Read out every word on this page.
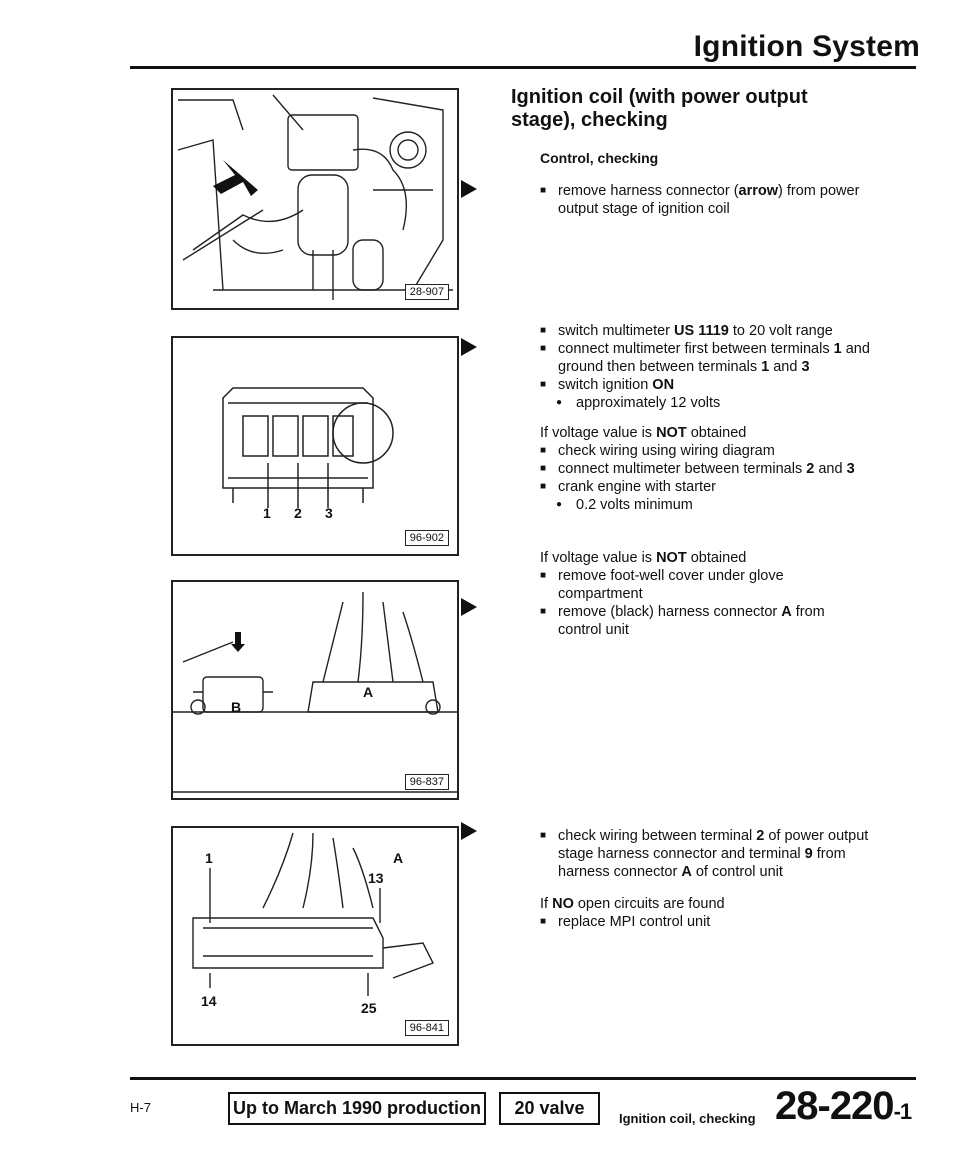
Ignition System
28-907
1 2 3
96-902
A
B
96-837
1
13
14	25
A
96-841
Ignition coil (with power output stage), checking
Control, checking
■ remove harness connector (arrow) from power output stage of ignition coil
■ switch multimeter US 1119 to 20 volt range
■ connect multimeter first between terminals 1 and ground then between terminals 1 and 3
■ switch ignition ON
● approximately 12 volts
If voltage value is NOT obtained
■ check wiring using wiring diagram
■ connect multimeter between terminals 2 and 3
■ crank engine with starter
● 0.2 volts minimum
If voltage value is NOT obtained
■ remove foot-well cover under glove compartment
■ remove (black) harness connector A from control unit
■ check wiring between terminal 2 of power output stage harness connector and terminal 9 from harness connector A of control unit
If NO open circuits are found
■ replace MPI control unit
H-7	Up to March 1990 production	20 valve
Ignition coil, checking 28-220-1
